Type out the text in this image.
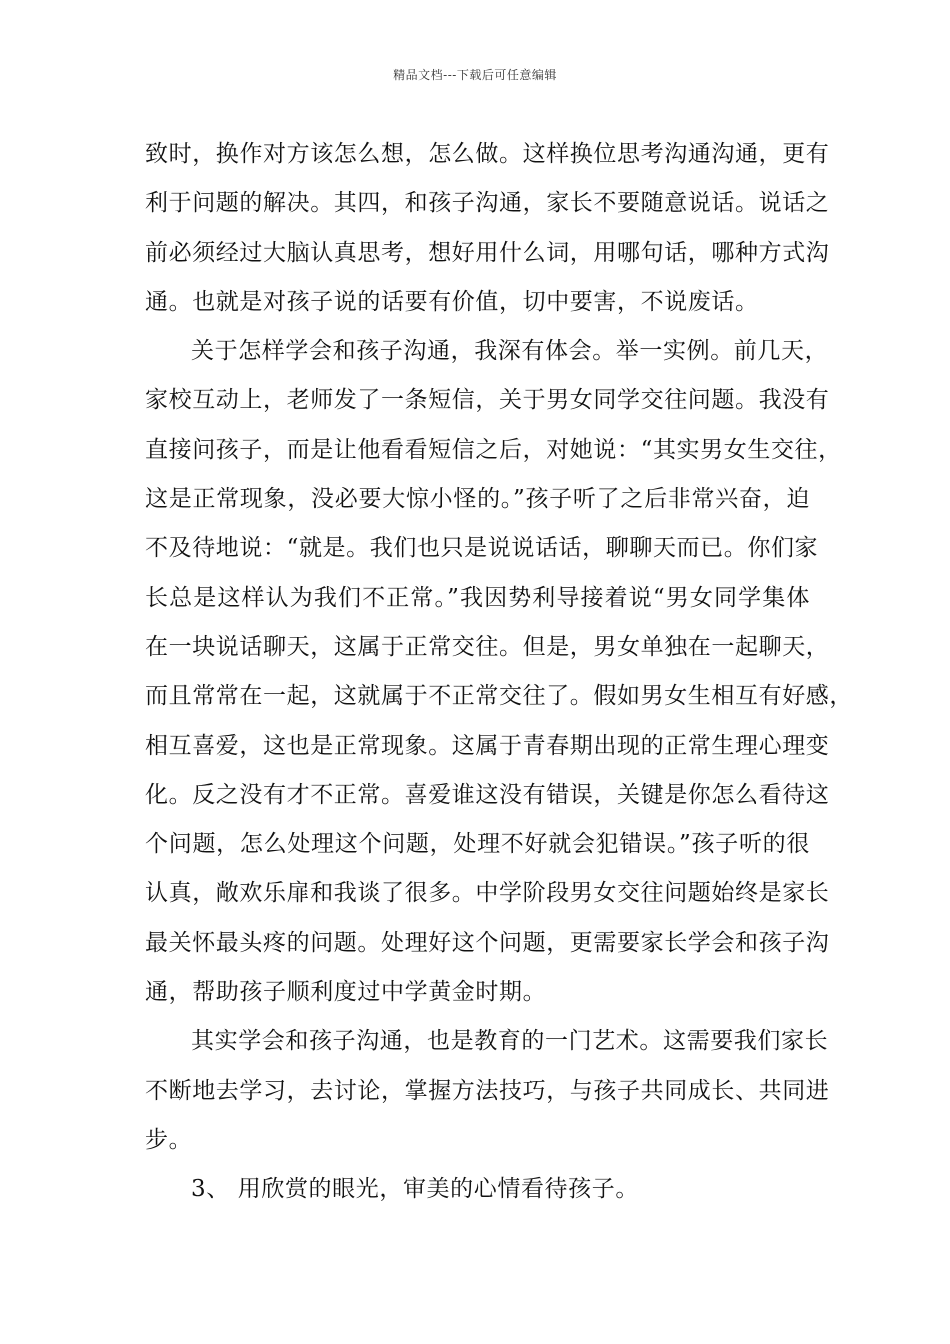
精品文档---下载后可任意编辑
致时，换作对方该怎么想，怎么做。这样换位思考沟通沟通，更有
利于问题的解决。其四，和孩子沟通，家长不要随意说话。说话之
前必须经过大脑认真思考，想好用什么词，用哪句话，哪种方式沟
通。也就是对孩子说的话要有价值，切中要害，不说废话。
关于怎样学会和孩子沟通，我深有体会。举一实例。前几天，
家校互动上，老师发了一条短信，关于男女同学交往问题。我没有
直接问孩子，而是让他看看短信之后，对她说：“其实男女生交往，
这是正常现象，没必要大惊小怪的。”孩子听了之后非常兴奋，迫
不及待地说：“就是。我们也只是说说话话，聊聊天而已。你们家
长总是这样认为我们不正常。”我因势利导接着说“男女同学集体
在一块说话聊天，这属于正常交往。但是，男女单独在一起聊天，
而且常常在一起，这就属于不正常交往了。假如男女生相互有好感，
相互喜爱，这也是正常现象。这属于青春期出现的正常生理心理变
化。反之没有才不正常。喜爱谁这没有错误，关键是你怎么看待这
个问题，怎么处理这个问题，处理不好就会犯错误。”孩子听的很
认真，敞欢乐扉和我谈了很多。中学阶段男女交往问题始终是家长
最关怀最头疼的问题。处理好这个问题，更需要家长学会和孩子沟
通，帮助孩子顺利度过中学黄金时期。
其实学会和孩子沟通，也是教育的一门艺术。这需要我们家长
不断地去学习，去讨论，掌握方法技巧，与孩子共同成长、共同进
步。
3、 用欣赏的眼光，审美的心情看待孩子。
